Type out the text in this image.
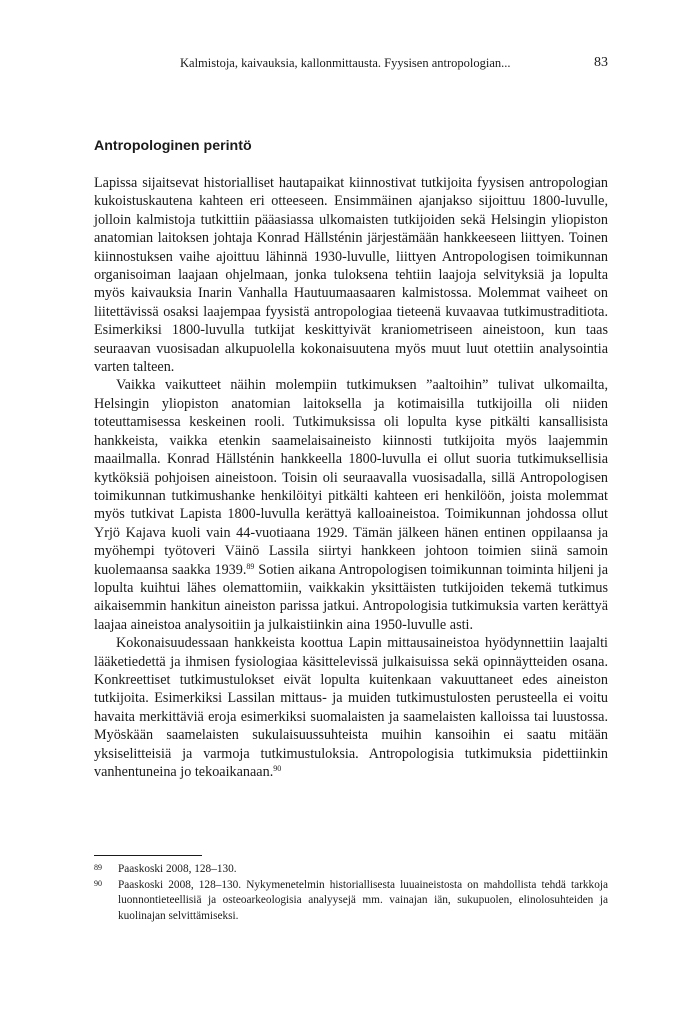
Kalmistoja, kaivauksia, kallonmittausta. Fyysisen antropologian...	83
Antropologinen perintö

Lapissa sijaitsevat historialliset hautapaikat kiinnostivat tutkijoita fyysisen antropologian kukoistuskautena kahteen eri otteeseen. Ensimmäinen ajanjakso sijoittuu 1800-luvulle, jolloin kalmistoja tutkittiin pääasiassa ulkomaisten tutkijoiden sekä Helsingin yliopiston anatomian laitoksen johtaja Konrad Hällsténin järjestämään hankkeeseen liittyen. Toinen kiinnostuksen vaihe ajoittuu lähinnä 1930-luvulle, liittyen Antropologisen toimikunnan organisoiman laajaan ohjelmaan, jonka tuloksena tehtiin laajoja selvityksiä ja lopulta myös kaivauksia Inarin Vanhalla Hautuumaasaaren kalmistossa. Molemmat vaiheet on liitettävissä osaksi laajempaa fyysistä antropologiaa tieteenä kuvaavaa tutkimustraditiota. Esimerkiksi 1800-luvulla tutkijat keskittyivät kraniometriseen aineistoon, kun taas seuraavan vuosisadan alkupuolella kokonaisuutena myös muut luut otettiin analysointia varten talteen.

Vaikka vaikutteet näihin molempiin tutkimuksen ”aaltoihin” tulivat ulkomailta, Helsingin yliopiston anatomian laitoksella ja kotimaisilla tutkijoilla oli niiden toteuttamisessa keskeinen rooli. Tutkimuksissa oli lopulta kyse pitkälti kansallisista hankkeista, vaikka etenkin saamelaisaineisto kiinnosti tutkijoita myös laajemmin maailmalla. Konrad Hällsténin hankkeella 1800-luvulla ei ollut suoria tutkimuksellisia kytköksiä pohjoisen aineistoon. Toisin oli seuraavalla vuosisadalla, sillä Antropologisen toimikunnan tutkimushanke henkilöityi pitkälti kahteen eri henkilöön, joista molemmat myös tutkivat Lapista 1800-luvulla kerättyä kalloaineistoa. Toimikunnan johdossa ollut Yrjö Kajava kuoli vain 44-vuotiaana 1929. Tämän jälkeen hänen entinen oppilaansa ja myöhempi työtoveri Väinö Lassila siirtyi hankkeen johtoon toimien siinä samoin kuolemaansa saakka 1939.89 Sotien aikana Antropologisen toimikunnan toiminta hiljeni ja lopulta kuihtui lähes olemattomiin, vaikkakin yksittäisten tutkijoiden tekemä tutkimus aikaisemmin hankitun aineiston parissa jatkui. Antropologisia tutkimuksia varten kerättyä laajaa aineistoa analysoitiin ja julkaistiinkin aina 1950-luvulle asti.

Kokonaisuudessaan hankkeista koottua Lapin mittausaineistoa hyödynnettiin laajalti lääketiedettä ja ihmisen fysiologiaa käsittelevissä julkaisuissa sekä opinnäytteiden osana. Konkreettiset tutkimustulokset eivät lopulta kuitenkaan vakuuttaneet edes aineiston tutkijoita. Esimerkiksi Lassilan mittaus- ja muiden tutkimustulosten perusteella ei voitu havaita merkittäviä eroja esimerkiksi suomalaisten ja saamelaisten kalloissa tai luustossa. Myöskään saamelaisten sukulaisuussuhteista muihin kansoihin ei saatu mitään yksiselitteisiä ja varmoja tutkimustuloksia. Antropologisia tutkimuksia pidettiinkin vanhentuneina jo tekoaikanaan.$^{90}$

89 Paaskoski 2008, 128–130.
90 Paaskoski 2008, 128–130. Nykymenetelmin historiallisesta luuaineistosta on mahdollista tehdä tarkkoja luonnontieteellisiä ja osteoarkeologisia analyysejä mm. vainajan iän, sukupuolen, elinolosuhteiden ja kuolinajan selvittämiseksi.
